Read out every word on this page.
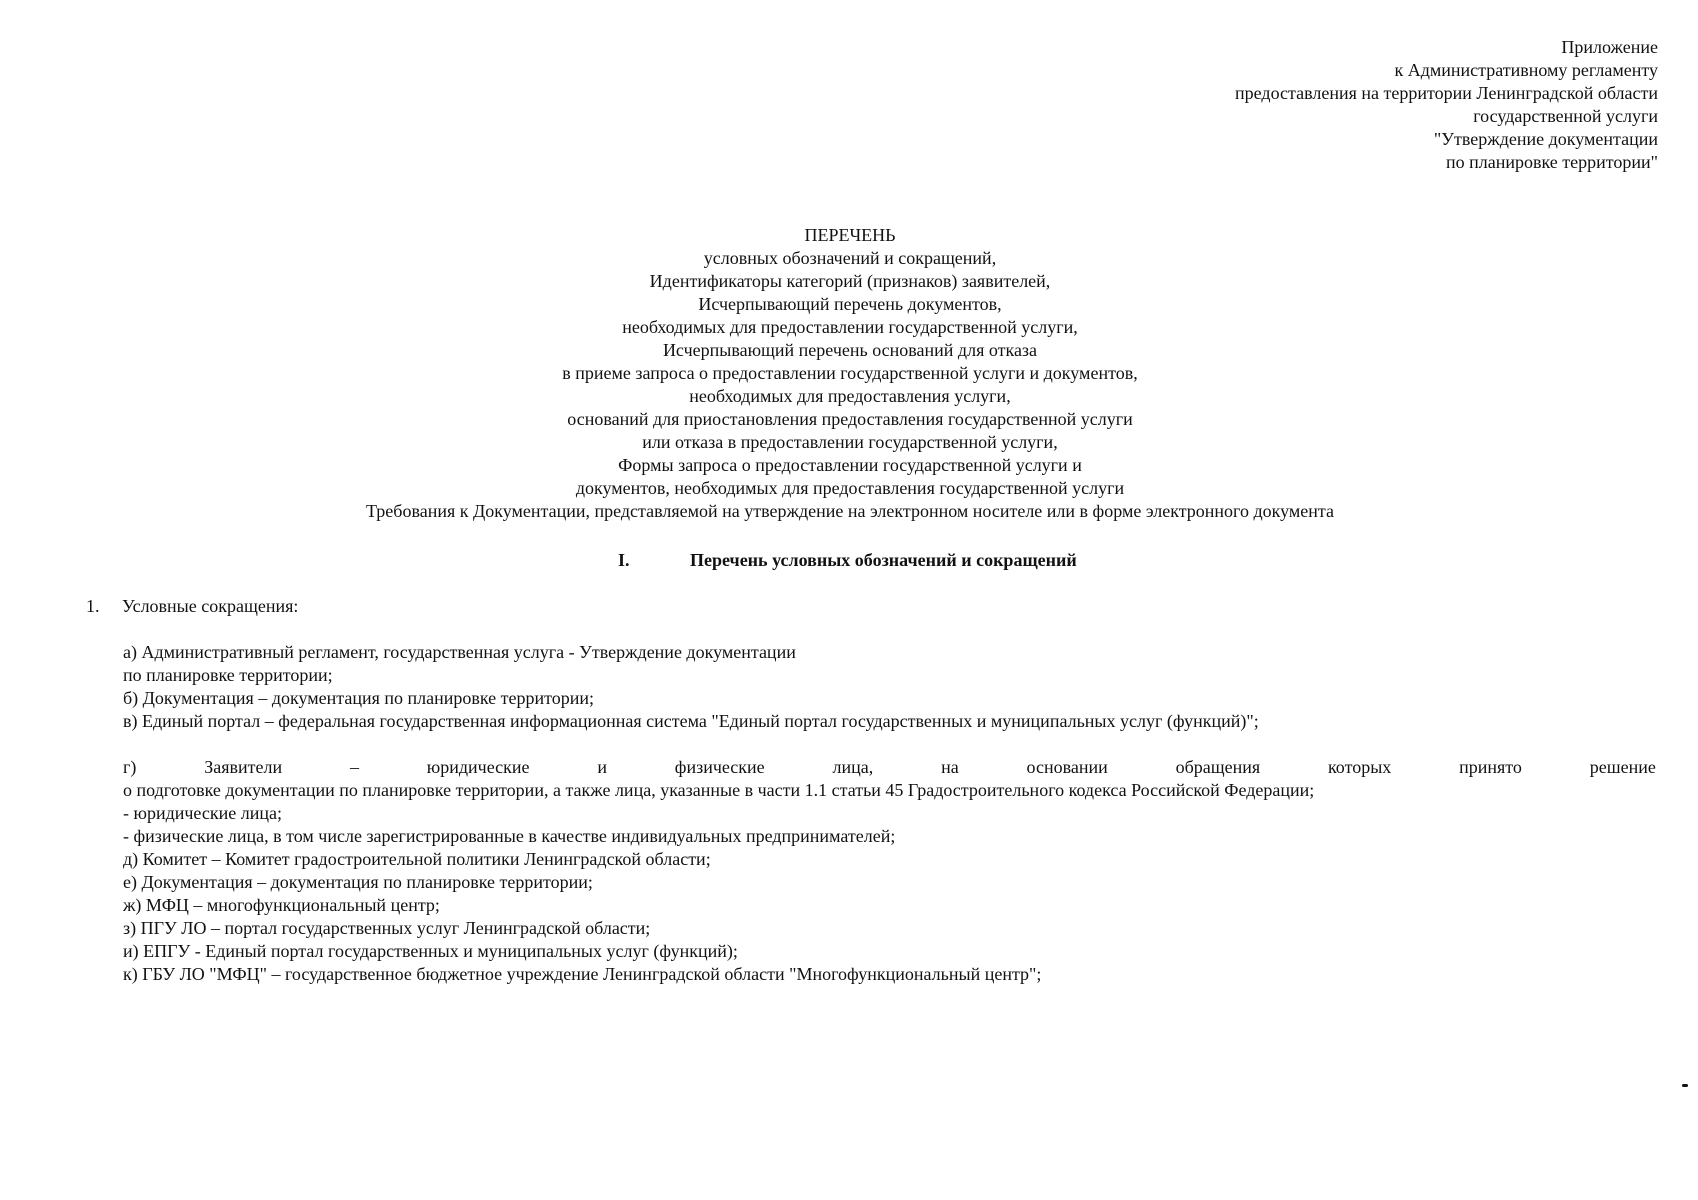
Приложение
к Административному регламенту
предоставления на территории Ленинградской области
государственной услуги
"Утверждение документации
по планировке территории"
ПЕРЕЧЕНЬ
условных обозначений и сокращений,
Идентификаторы категорий (признаков) заявителей,
Исчерпывающий перечень документов,
необходимых для предоставлении государственной услуги,
Исчерпывающий перечень оснований для отказа
в приеме запроса о предоставлении государственной услуги и документов,
необходимых для предоставления услуги,
оснований для приостановления предоставления государственной услуги
или отказа в предоставлении государственной услуги,
Формы запроса о предоставлении государственной услуги и
документов, необходимых для предоставления государственной услуги
Требования к Документации, представляемой на утверждение на электронном носителе или в форме электронного документа
I.	Перечень условных обозначений и сокращений
1. Условные сокращения:
а) Административный регламент, государственная услуга - Утверждение документации
по планировке территории;
б) Документация – документация по планировке территории;
в) Единый портал – федеральная государственная информационная система "Единый портал государственных и муниципальных услуг (функций)";
г)	Заявители	–	юридические	и	физические	лица,	на	основании	обращения	которых	принято	решение
о подготовке документации по планировке территории, а также лица, указанные в части 1.1 статьи 45 Градостроительного кодекса Российской Федерации;
- юридические лица;
- физические лица, в том числе зарегистрированные в качестве индивидуальных предпринимателей;
д) Комитет – Комитет градостроительной политики Ленинградской области;
е) Документация – документация по планировке территории;
ж) МФЦ – многофункциональный центр;
з) ПГУ ЛО – портал государственных услуг Ленинградской области;
и) ЕПГУ - Единый портал государственных и муниципальных услуг (функций);
к) ГБУ ЛО "МФЦ" – государственное бюджетное учреждение Ленинградской области "Многофункциональный центр";
